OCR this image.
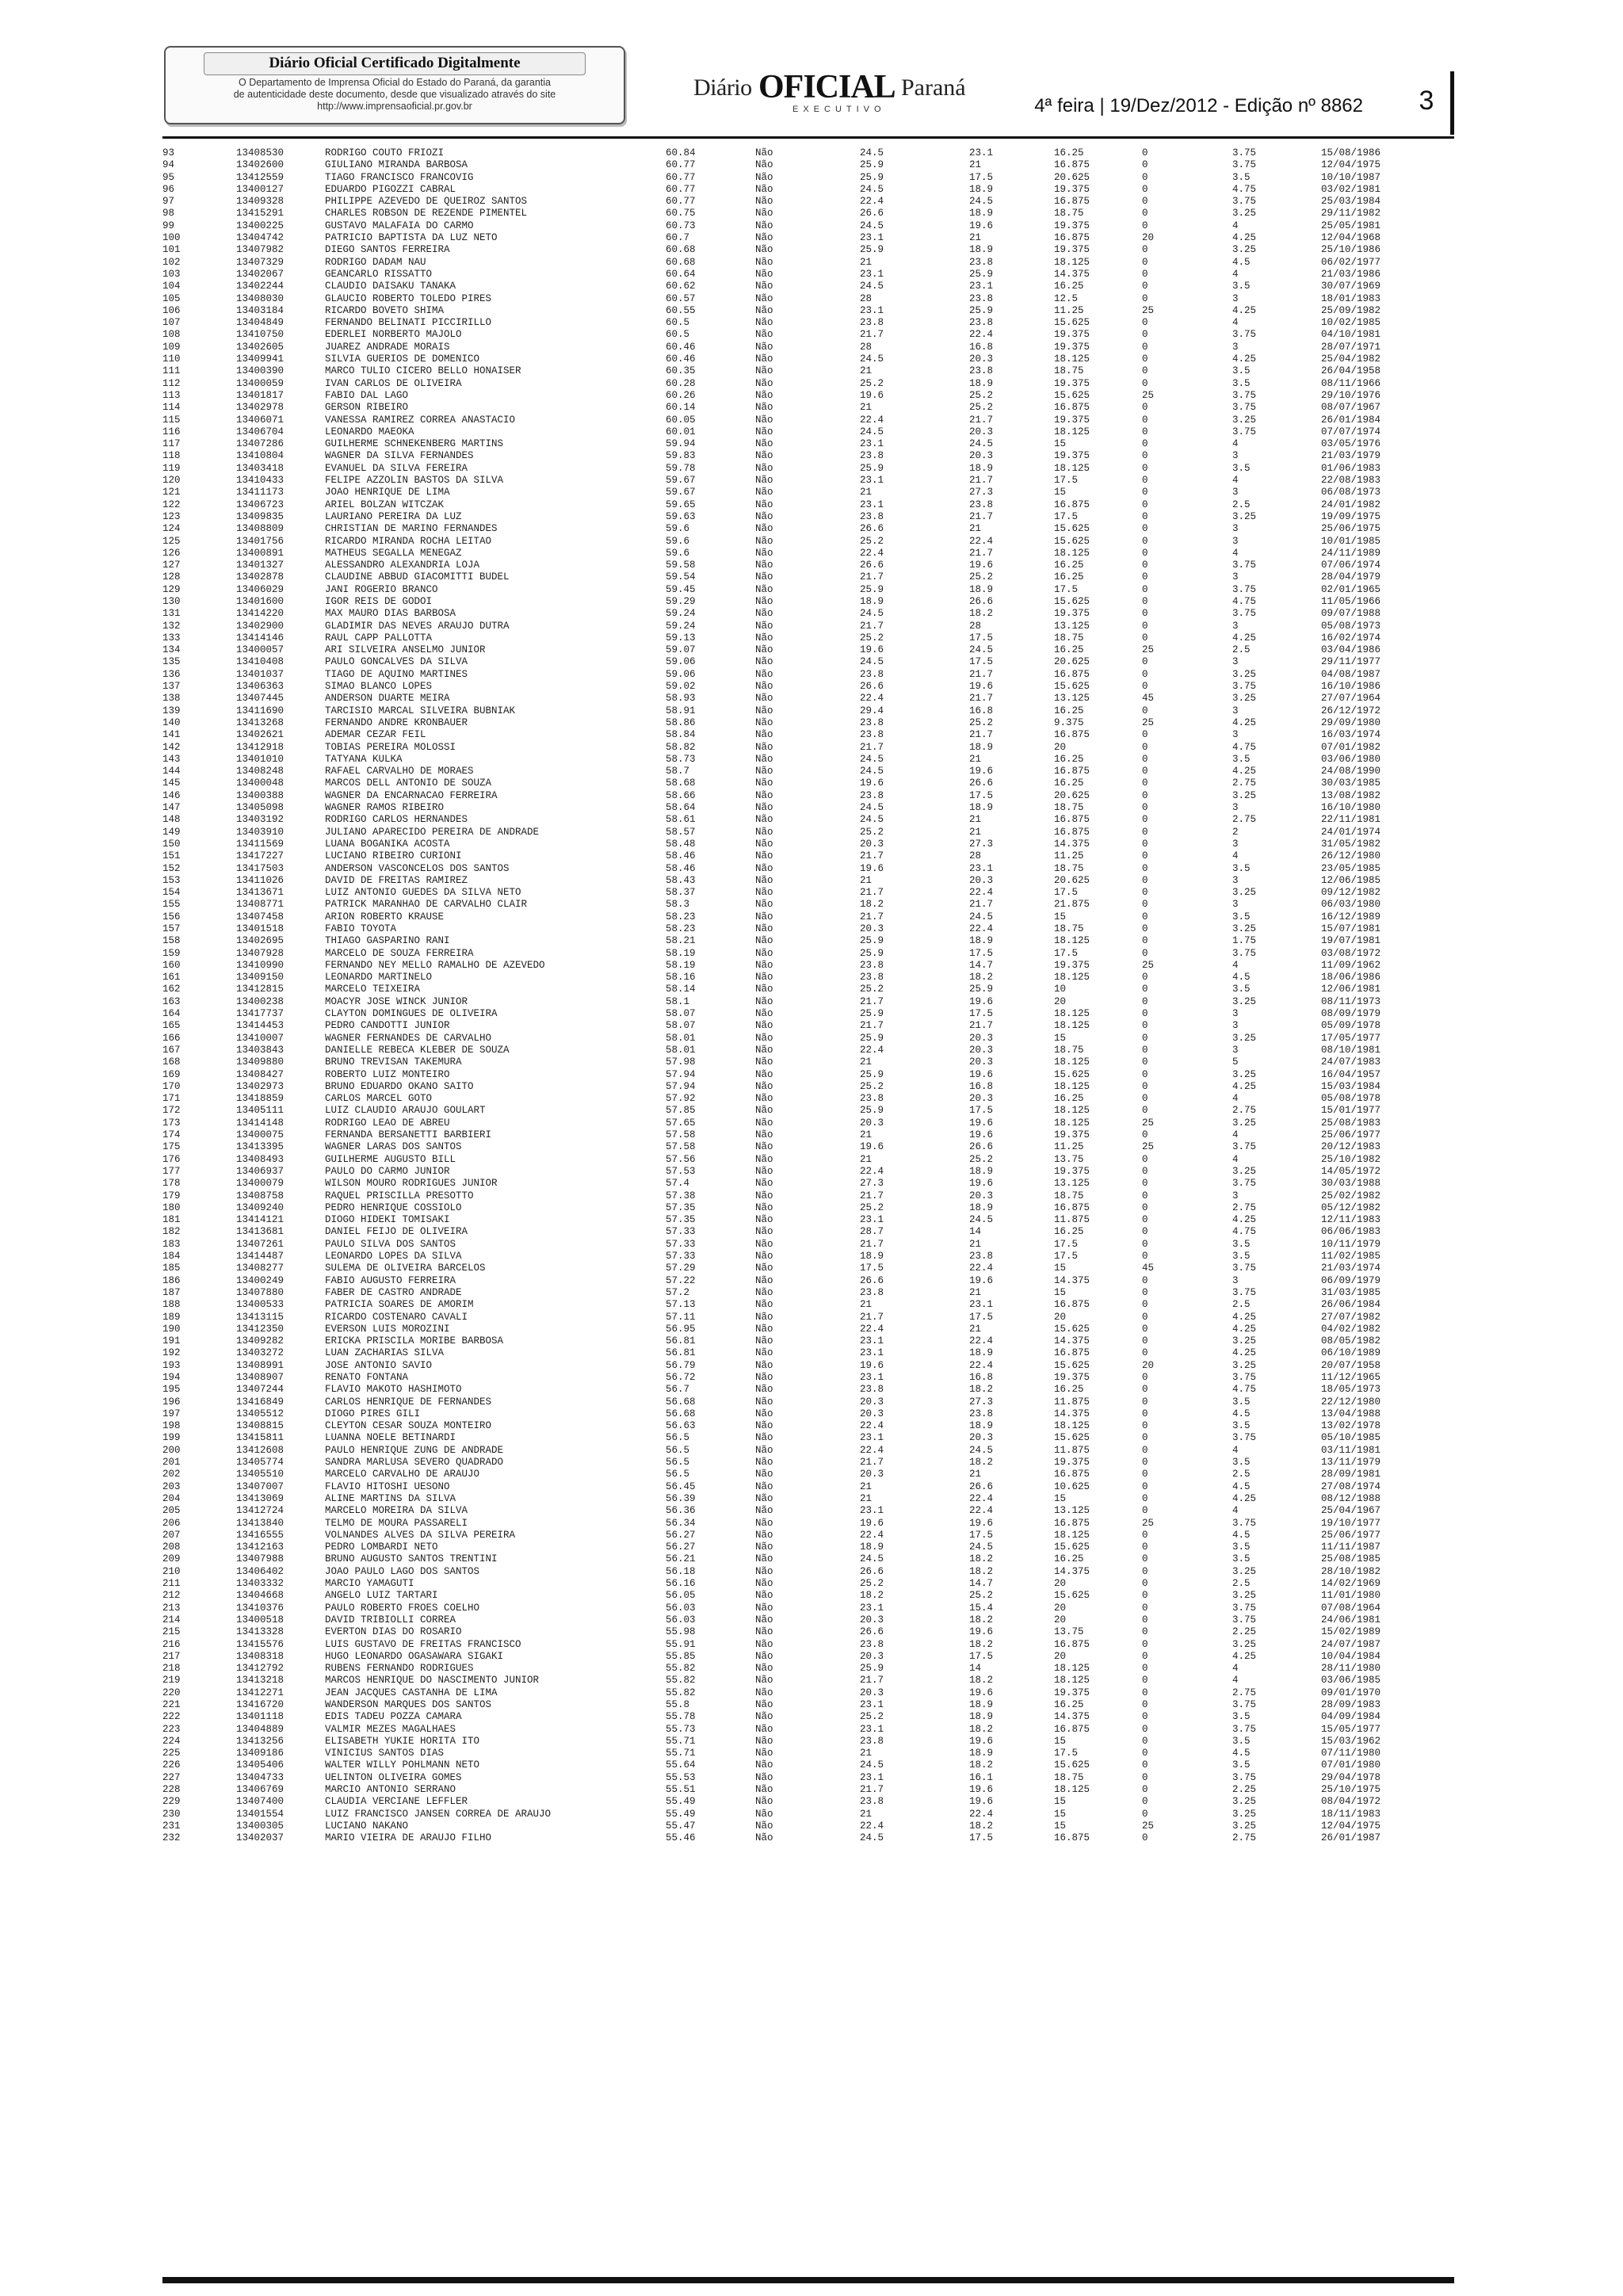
Diário Oficial Certificado Digitalmente
O Departamento de Imprensa Oficial do Estado do Paraná, da garantia
de autenticidade deste documento, desde que visualizado através do site
http://www.imprensaoficial.pr.gov.br
Diário OFICIAL Paraná
EXECUTIVO	4ª feira | 19/Dez/2012 - Edição nº 8862	3
93	13408530	RODRIGO COUTO FRIOZI	60.84	Não	24.5	23.1	16.25	0	3.75	15/08/1986
94	13402600	GIULIANO MIRANDA BARBOSA	60.77	Não	25.9	21	16.875	0	3.75	12/04/1975
95	13412559	TIAGO FRANCISCO FRANCOVIG	60.77	Não	25.9	17.5	20.625	0	3.5	10/10/1987
96	13400127	EDUARDO PIGOZZI CABRAL	60.77	Não	24.5	18.9	19.375	0	4.75	03/02/1981
97	13409328	PHILIPPE AZEVEDO DE QUEIROZ SANTOS	60.77	Não	22.4	24.5	16.875	0	3.75	25/03/1984
98	13415291	CHARLES ROBSON DE REZENDE PIMENTEL	60.75	Não	26.6	18.9	18.75	0	3.25	29/11/1982
99	13400225	GUSTAVO MALAFAIA DO CARMO	60.73	Não	24.5	19.6	19.375	0	4	25/05/1981
100	13404742	PATRICIO BAPTISTA DA LUZ NETO	60.7	Não	23.1	21	16.875	20	4.25	12/04/1968
101	13407982	DIEGO SANTOS FERREIRA	60.68	Não	25.9	18.9	19.375	0	3.25	25/10/1986
102	13407329	RODRIGO DADAM NAU	60.68	Não	21	23.8	18.125	0	4.5	06/02/1977
103	13402067	GEANCARLO RISSATTO	60.64	Não	23.1	25.9	14.375	0	4	21/03/1986
104	13402244	CLAUDIO DAISAKU TANAKA	60.62	Não	24.5	23.1	16.25	0	3.5	30/07/1969
105	13408030	GLAUCIO ROBERTO TOLEDO PIRES	60.57	Não	28	23.8	12.5	0	3	18/01/1983
106	13403184	RICARDO BOVETO SHIMA	60.55	Não	23.1	25.9	11.25	25	4.25	25/09/1982
107	13404849	FERNANDO BELINATI PICCIRILLO	60.5	Não	23.8	23.8	15.625	0	4	10/02/1985
108	13410750	EDERLEI NORBERTO MAJOLO	60.5	Não	21.7	22.4	19.375	0	3.75	04/10/1981
109	13402605	JUAREZ ANDRADE MORAIS	60.46	Não	28	16.8	19.375	0	3	28/07/1971
110	13409941	SILVIA GUERIOS DE DOMENICO	60.46	Não	24.5	20.3	18.125	0	4.25	25/04/1982
111	13400390	MARCO TULIO CICERO BELLO HONAISER	60.35	Não	21	23.8	18.75	0	3.5	26/04/1958
112	13400059	IVAN CARLOS DE OLIVEIRA	60.28	Não	25.2	18.9	19.375	0	3.5	08/11/1966
113	13401817	FABIO DAL LAGO	60.26	Não	19.6	25.2	15.625	25	3.75	29/10/1976
114	13402978	GERSON RIBEIRO	60.14	Não	21	25.2	16.875	0	3.75	08/07/1967
115	13406071	VANESSA RAMIREZ CORREA ANASTACIO	60.05	Não	22.4	21.7	19.375	0	3.25	26/01/1984
116	13406704	LEONARDO MAEOKA	60.01	Não	24.5	20.3	18.125	0	3.75	07/07/1974
117	13407286	GUILHERME SCHNEKENBERG MARTINS	59.94	Não	23.1	24.5	15	0	4	03/05/1976
118	13410804	WAGNER DA SILVA FERNANDES	59.83	Não	23.8	20.3	19.375	0	3	21/03/1979
119	13403418	EVANUEL DA SILVA FEREIRA	59.78	Não	25.9	18.9	18.125	0	3.5	01/06/1983
120	13410433	FELIPE AZZOLIN BASTOS DA SILVA	59.67	Não	23.1	21.7	17.5	0	4	22/08/1983
121	13411173	JOAO HENRIQUE DE LIMA	59.67	Não	21	27.3	15	0	3	06/08/1973
122	13406723	ARIEL BOLZAN WITCZAK	59.65	Não	23.1	23.8	16.875	0	2.5	24/01/1982
123	13409835	LAURIANO PEREIRA DA LUZ	59.63	Não	23.8	21.7	17.5	0	3.25	19/09/1975
124	13408809	CHRISTIAN DE MARINO FERNANDES	59.6	Não	26.6	21	15.625	0	3	25/06/1975
125	13401756	RICARDO MIRANDA ROCHA LEITAO	59.6	Não	25.2	22.4	15.625	0	3	10/01/1985
126	13400891	MATHEUS SEGALLA MENEGAZ	59.6	Não	22.4	21.7	18.125	0	4	24/11/1989
127	13401327	ALESSANDRO ALEXANDRIA LOJA	59.58	Não	26.6	19.6	16.25	0	3.75	07/06/1974
128	13402878	CLAUDINE ABBUD GIACOMITTI BUDEL	59.54	Não	21.7	25.2	16.25	0	3	28/04/1979
129	13406029	JANI ROGERIO BRANCO	59.45	Não	25.9	18.9	17.5	0	3.75	02/01/1965
130	13401600	IGOR REIS DE GODOI	59.29	Não	18.9	26.6	15.625	0	4.75	11/05/1966
131	13414220	MAX MAURO DIAS BARBOSA	59.24	Não	24.5	18.2	19.375	0	3.75	09/07/1988
132	13402900	GLADIMIR DAS NEVES ARAUJO DUTRA	59.24	Não	21.7	28	13.125	0	3	05/08/1973
133	13414146	RAUL CAPP PALLOTTA	59.13	Não	25.2	17.5	18.75	0	4.25	16/02/1974
134	13400057	ARI SILVEIRA ANSELMO JUNIOR	59.07	Não	19.6	24.5	16.25	25	2.5	03/04/1986
135	13410408	PAULO GONCALVES DA SILVA	59.06	Não	24.5	17.5	20.625	0	3	29/11/1977
136	13401037	TIAGO DE AQUINO MARTINES	59.06	Não	23.8	21.7	16.875	0	3.25	04/08/1987
137	13406363	SIMAO BLANCO LOPES	59.02	Não	26.6	19.6	15.625	0	3.75	16/10/1986
138	13407445	ANDERSON DUARTE MEIRA	58.93	Não	22.4	21.7	13.125	45	3.25	27/07/1964
139	13411690	TARCISIO MARCAL SILVEIRA BUBNIAK	58.91	Não	29.4	16.8	16.25	0	3	26/12/1972
140	13413268	FERNANDO ANDRE KRONBAUER	58.86	Não	23.8	25.2	9.375	25	4.25	29/09/1980
141	13402621	ADEMAR CEZAR FEIL	58.84	Não	23.8	21.7	16.875	0	3	16/03/1974
142	13412918	TOBIAS PEREIRA MOLOSSI	58.82	Não	21.7	18.9	20	0	4.75	07/01/1982
143	13401010	TATYANA KULKA	58.73	Não	24.5	21	16.25	0	3.5	03/06/1980
144	13408248	RAFAEL CARVALHO DE MORAES	58.7	Não	24.5	19.6	16.875	0	4.25	24/08/1990
145	13400048	MARCOS DELL ANTONIO DE SOUZA	58.68	Não	19.6	26.6	16.25	0	2.75	30/03/1985
146	13400388	WAGNER DA ENCARNACAO FERREIRA	58.66	Não	23.8	17.5	20.625	0	3.25	13/08/1982
147	13405098	WAGNER RAMOS RIBEIRO	58.64	Não	24.5	18.9	18.75	0	3	16/10/1980
148	13403192	RODRIGO CARLOS HERNANDES	58.61	Não	24.5	21	16.875	0	2.75	22/11/1981
149	13403910	JULIANO APARECIDO PEREIRA DE ANDRADE	58.57	Não	25.2	21	16.875	0	2	24/01/1974
150	13411569	LUANA BOGANIKA ACOSTA	58.48	Não	20.3	27.3	14.375	0	3	31/05/1982
151	13417227	LUCIANO RIBEIRO CURIONI	58.46	Não	21.7	28	11.25	0	4	26/12/1980
152	13417503	ANDERSON VASCONCELOS DOS SANTOS	58.46	Não	19.6	23.1	18.75	0	3.5	23/05/1985
153	13411026	DAVID DE FREITAS RAMIREZ	58.43	Não	21	20.3	20.625	0	3	12/06/1985
154	13413671	LUIZ ANTONIO GUEDES DA SILVA NETO	58.37	Não	21.7	22.4	17.5	0	3.25	09/12/1982
155	13408771	PATRICK MARANHAO DE CARVALHO CLAIR	58.3	Não	18.2	21.7	21.875	0	3	06/03/1980
156	13407458	ARION ROBERTO KRAUSE	58.23	Não	21.7	24.5	15	0	3.5	16/12/1989
157	13401518	FABIO TOYOTA	58.23	Não	20.3	22.4	18.75	0	3.25	15/07/1981
158	13402695	THIAGO GASPARINO RANI	58.21	Não	25.9	18.9	18.125	0	1.75	19/07/1981
159	13407928	MARCELO DE SOUZA FERREIRA	58.19	Não	25.9	17.5	17.5	0	3.75	03/08/1972
160	13410990	FERNANDO NEY MELLO RAMALHO DE AZEVEDO	58.19	Não	23.8	14.7	19.375	25	4	11/09/1962
161	13409150	LEONARDO MARTINELO	58.16	Não	23.8	18.2	18.125	0	4.5	18/06/1986
162	13412815	MARCELO TEIXEIRA	58.14	Não	25.2	25.9	10	0	3.5	12/06/1981
163	13400238	MOACYR JOSE WINCK JUNIOR	58.1	Não	21.7	19.6	20	0	3.25	08/11/1973
164	13417737	CLAYTON DOMINGUES DE OLIVEIRA	58.07	Não	25.9	17.5	18.125	0	3	08/09/1979
165	13414453	PEDRO CANDOTTI JUNIOR	58.07	Não	21.7	21.7	18.125	0	3	05/09/1978
166	13410007	WAGNER FERNANDES DE CARVALHO	58.01	Não	25.9	20.3	15	0	3.25	17/05/1977
167	13403843	DANIELLE REBECA KLEBER DE SOUZA	58.01	Não	22.4	20.3	18.75	0	3	08/10/1981
168	13409880	BRUNO TREVISAN TAKEMURA	57.98	Não	21	20.3	18.125	0	5	24/07/1983
169	13408427	ROBERTO LUIZ MONTEIRO	57.94	Não	25.9	19.6	15.625	0	3.25	16/04/1957
170	13402973	BRUNO EDUARDO OKANO SAITO	57.94	Não	25.2	16.8	18.125	0	4.25	15/03/1984
171	13418859	CARLOS MARCEL GOTO	57.92	Não	23.8	20.3	16.25	0	4	05/08/1978
172	13405111	LUIZ CLAUDIO ARAUJO GOULART	57.85	Não	25.9	17.5	18.125	0	2.75	15/01/1977
173	13414148	RODRIGO LEAO DE ABREU	57.65	Não	20.3	19.6	18.125	25	3.25	25/08/1983
174	13400075	FERNANDA BERSANETTI BARBIERI	57.58	Não	21	19.6	19.375	0	4	25/06/1977
175	13413395	WAGNER LARAS DOS SANTOS	57.58	Não	19.6	26.6	11.25	25	3.75	20/12/1983
176	13408493	GUILHERME AUGUSTO BILL	57.56	Não	21	25.2	13.75	0	4	25/10/1982
177	13406937	PAULO DO CARMO JUNIOR	57.53	Não	22.4	18.9	19.375	0	3.25	14/05/1972
178	13400079	WILSON MOURO RODRIGUES JUNIOR	57.4	Não	27.3	19.6	13.125	0	3.75	30/03/1988
179	13408758	RAQUEL PRISCILLA PRESOTTO	57.38	Não	21.7	20.3	18.75	0	3	25/02/1982
180	13409240	PEDRO HENRIQUE COSSIOLO	57.35	Não	25.2	18.9	16.875	0	2.75	05/12/1982
181	13414121	DIOGO HIDEKI TOMISAKI	57.35	Não	23.1	24.5	11.875	0	4.25	12/11/1983
182	13413681	DANIEL FEIJO DE OLIVEIRA	57.33	Não	28.7	14	16.25	0	4.75	06/06/1983
183	13407261	PAULO SILVA DOS SANTOS	57.33	Não	21.7	21	17.5	0	3.5	10/11/1979
184	13414487	LEONARDO LOPES DA SILVA	57.33	Não	18.9	23.8	17.5	0	3.5	11/02/1985
185	13408277	SULEMA DE OLIVEIRA BARCELOS	57.29	Não	17.5	22.4	15	45	3.75	21/03/1974
186	13400249	FABIO AUGUSTO FERREIRA	57.22	Não	26.6	19.6	14.375	0	3	06/09/1979
187	13407880	FABER DE CASTRO ANDRADE	57.2	Não	23.8	21	15	0	3.75	31/03/1985
188	13400533	PATRICIA SOARES DE AMORIM	57.13	Não	21	23.1	16.875	0	2.5	26/06/1984
189	13413115	RICARDO COSTENARO CAVALI	57.11	Não	21.7	17.5	20	0	4.25	27/07/1982
190	13412350	EVERSON LUIS MOROZINI	56.95	Não	22.4	21	15.625	0	4.25	04/02/1982
191	13409282	ERICKA PRISCILA MORIBE BARBOSA	56.81	Não	23.1	22.4	14.375	0	3.25	08/05/1982
192	13403272	LUAN ZACHARIAS SILVA	56.81	Não	23.1	18.9	16.875	0	4.25	06/10/1989
193	13408991	JOSE ANTONIO SAVIO	56.79	Não	19.6	22.4	15.625	20	3.25	20/07/1958
194	13408907	RENATO FONTANA	56.72	Não	23.1	16.8	19.375	0	3.75	11/12/1965
195	13407244	FLAVIO MAKOTO HASHIMOTO	56.7	Não	23.8	18.2	16.25	0	4.75	18/05/1973
196	13416849	CARLOS HENRIQUE DE FERNANDES	56.68	Não	20.3	27.3	11.875	0	3.5	22/12/1980
197	13405512	DIOGO PIRES GILI	56.68	Não	20.3	23.8	14.375	0	4.5	13/04/1988
198	13408815	CLEYTON CESAR SOUZA MONTEIRO	56.63	Não	22.4	18.9	18.125	0	3.5	13/02/1978
199	13415811	LUANNA NOELE BETINARDI	56.5	Não	23.1	20.3	15.625	0	3.75	05/10/1985
200	13412608	PAULO HENRIQUE ZUNG DE ANDRADE	56.5	Não	22.4	24.5	11.875	0	4	03/11/1981
201	13405774	SANDRA MARLUSA SEVERO QUADRADO	56.5	Não	21.7	18.2	19.375	0	3.5	13/11/1979
202	13405510	MARCELO CARVALHO DE ARAUJO	56.5	Não	20.3	21	16.875	0	2.5	28/09/1981
203	13407007	FLAVIO HITOSHI UESONO	56.45	Não	21	26.6	10.625	0	4.5	27/08/1974
204	13413069	ALINE MARTINS DA SILVA	56.39	Não	21	22.4	15	0	4.25	08/12/1988
205	13412724	MARCELO MOREIRA DA SILVA	56.36	Não	23.1	22.4	13.125	0	4	25/04/1967
206	13413840	TELMO DE MOURA PASSARELI	56.34	Não	19.6	19.6	16.875	25	3.75	19/10/1977
207	13416555	VOLNANDES ALVES DA SILVA PEREIRA	56.27	Não	22.4	17.5	18.125	0	4.5	25/06/1977
208	13412163	PEDRO LOMBARDI NETO	56.27	Não	18.9	24.5	15.625	0	3.5	11/11/1987
209	13407988	BRUNO AUGUSTO SANTOS TRENTINI	56.21	Não	24.5	18.2	16.25	0	3.5	25/08/1985
210	13406402	JOAO PAULO LAGO DOS SANTOS	56.18	Não	26.6	18.2	14.375	0	3.25	28/10/1982
211	13403332	MARCIO YAMAGUTI	56.16	Não	25.2	14.7	20	0	2.5	14/02/1969
212	13404668	ANGELO LUIZ TARTARI	56.05	Não	18.2	25.2	15.625	0	3.25	11/01/1980
213	13410376	PAULO ROBERTO FROES COELHO	56.03	Não	23.1	15.4	20	0	3.75	07/08/1964
214	13400518	DAVID TRIBIOLLI CORREA	56.03	Não	20.3	18.2	20	0	3.75	24/06/1981
215	13413328	EVERTON DIAS DO ROSARIO	55.98	Não	26.6	19.6	13.75	0	2.25	15/02/1989
216	13415576	LUIS GUSTAVO DE FREITAS FRANCISCO	55.91	Não	23.8	18.2	16.875	0	3.25	24/07/1987
217	13408318	HUGO LEONARDO OGASAWARA SIGAKI	55.85	Não	20.3	17.5	20	0	4.25	10/04/1984
218	13412792	RUBENS FERNANDO RODRIGUES	55.82	Não	25.9	14	18.125	0	4	28/11/1980
219	13413218	MARCOS HENRIQUE DO NASCIMENTO JUNIOR	55.82	Não	21.7	18.2	18.125	0	4	03/06/1985
220	13412271	JEAN JACQUES CASTANHA DE LIMA	55.82	Não	20.3	19.6	19.375	0	2.75	09/01/1970
221	13416720	WANDERSON MARQUES DOS SANTOS	55.8	Não	23.1	18.9	16.25	0	3.75	28/09/1983
222	13401118	EDIS TADEU POZZA CAMARA	55.78	Não	25.2	18.9	14.375	0	3.5	04/09/1984
223	13404889	VALMIR MEZES MAGALHAES	55.73	Não	23.1	18.2	16.875	0	3.75	15/05/1977
224	13413256	ELISABETH YUKIE HORITA ITO	55.71	Não	23.8	19.6	15	0	3.5	15/03/1962
225	13409186	VINICIUS SANTOS DIAS	55.71	Não	21	18.9	17.5	0	4.5	07/11/1980
226	13405406	WALTER WILLY POHLMANN NETO	55.64	Não	24.5	18.2	15.625	0	3.5	07/01/1980
227	13404733	UELINTON OLIVEIRA GOMES	55.53	Não	23.1	16.1	18.75	0	3.75	29/04/1978
228	13406769	MARCIO ANTONIO SERRANO	55.51	Não	21.7	19.6	18.125	0	2.25	25/10/1975
229	13407400	CLAUDIA VERCIANE LEFFLER	55.49	Não	23.8	19.6	15	0	3.25	08/04/1972
230	13401554	LUIZ FRANCISCO JANSEN CORREA DE ARAUJO	55.49	Não	21	22.4	15	0	3.25	18/11/1983
231	13400305	LUCIANO NAKANO	55.47	Não	22.4	18.2	15	25	3.25	12/04/1975
232	13402037	MARIO VIEIRA DE ARAUJO FILHO	55.46	Não	24.5	17.5	16.875	0	2.75	26/01/1987
